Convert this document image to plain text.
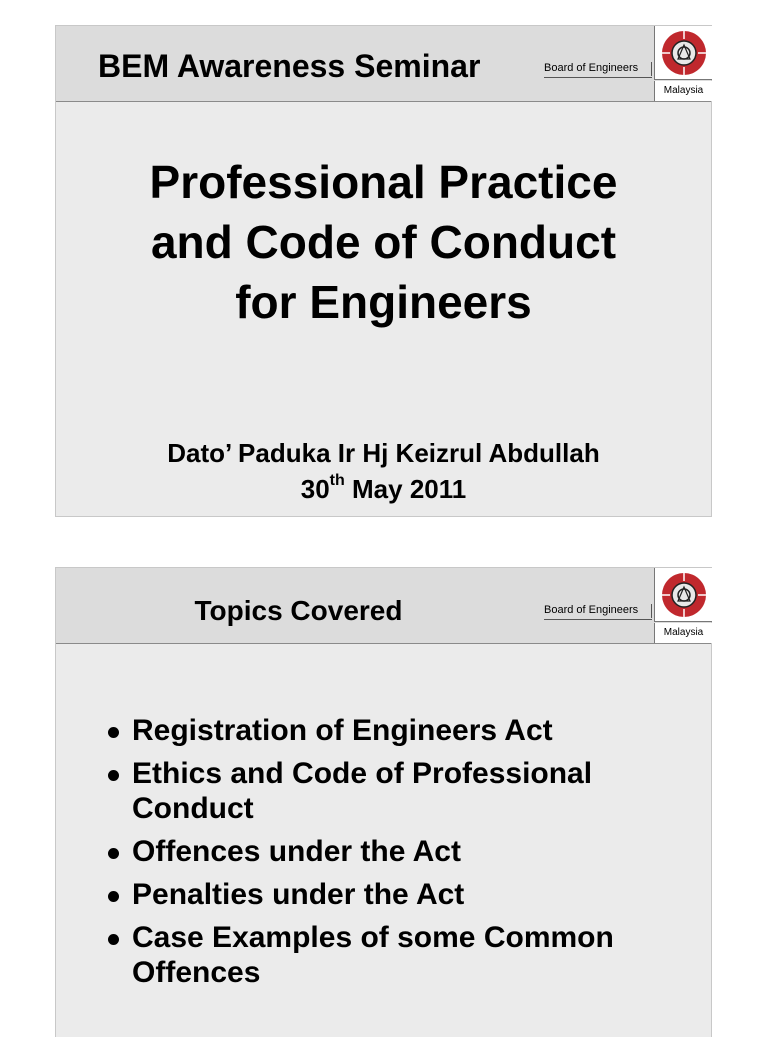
BEM Awareness Seminar	Board of Engineers
Malaysia
Professional Practice
and Code of Conduct
for Engineers
Dato’ Paduka Ir Hj Keizrul Abdullah
30th May 2011
Topics Covered	Board of Engineers
Malaysia
Registration of Engineers Act
Ethics and Code of Professional Conduct
Offences under the Act
Penalties under the Act
Case Examples of some Common Offences
